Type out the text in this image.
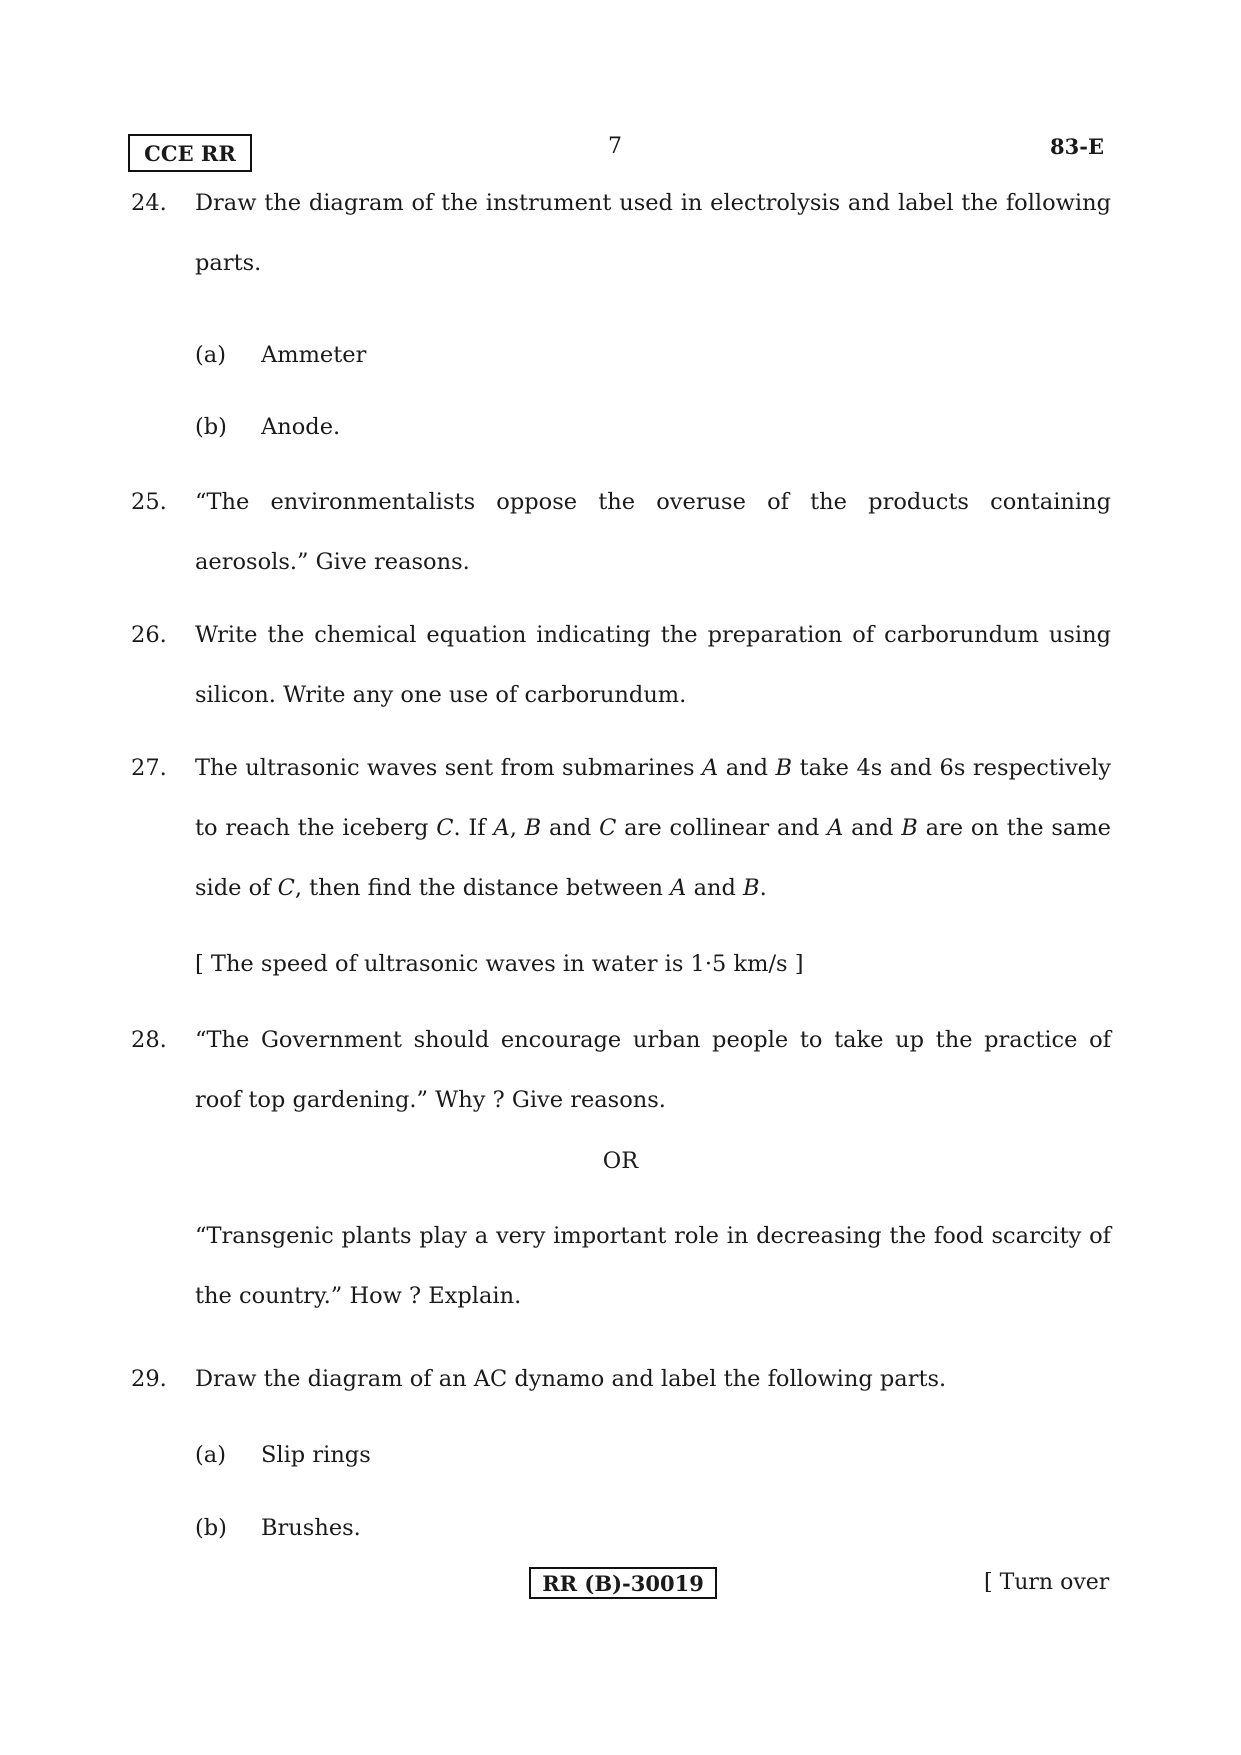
CCE RR	7	83-E
24. Draw the diagram of the instrument used in electrolysis and label the following parts.
(a) Ammeter
(b) Anode.
25. “The environmentalists oppose the overuse of the products containing aerosols.” Give reasons.
26. Write the chemical equation indicating the preparation of carborundum using silicon. Write any one use of carborundum.
27. The ultrasonic waves sent from submarines A and B take 4s and 6s respectively to reach the iceberg C. If A, B and C are collinear and A and B are on the same side of C, then find the distance between A and B.
[ The speed of ultrasonic waves in water is 1·5 km/s ]
28. “The Government should encourage urban people to take up the practice of roof top gardening.” Why ? Give reasons.
OR
“Transgenic plants play a very important role in decreasing the food scarcity of the country.” How ? Explain.
29. Draw the diagram of an AC dynamo and label the following parts.
(a) Slip rings
(b) Brushes.
RR (B)-30019	[ Turn over
